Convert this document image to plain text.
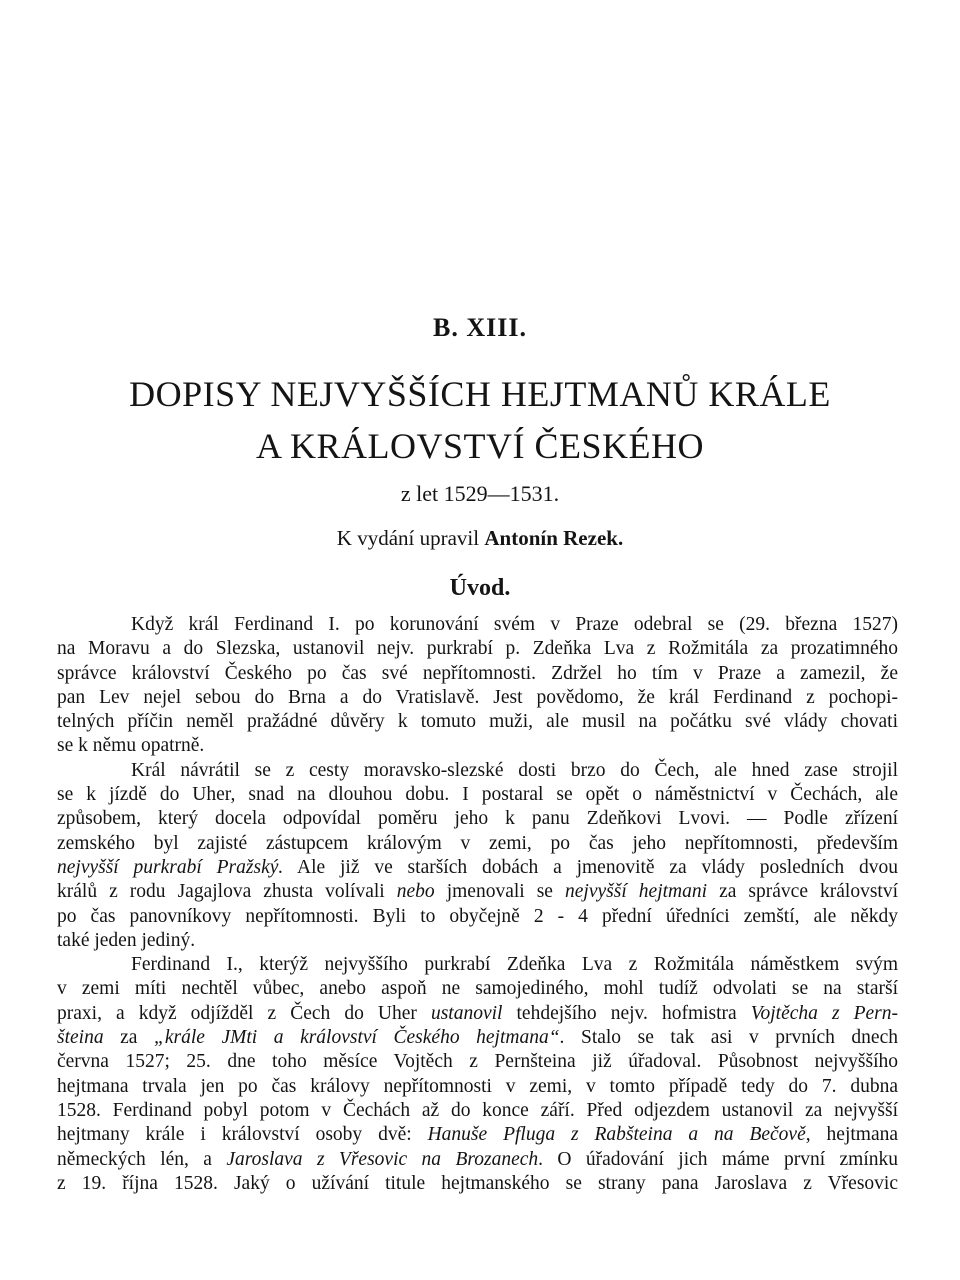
B. XIII.
DOPISY NEJVYŠŠÍCH HEJTMANŮ KRÁLE
A KRÁLOVSTVÍ ČESKÉHO
z let 1529—1531.
K vydání upravil Antonín Rezek.
Úvod.
Když král Ferdinand I. po korunování svém v Praze odebral se (29. března 1527)
na Moravu a do Slezska, ustanovil nejv. purkrabí p. Zdeňka Lva z Rožmitála za prozatimného
správce království Českého po čas své nepřítomnosti. Zdržel ho tím v Praze a zamezil, že
pan Lev nejel sebou do Brna a do Vratislavě. Jest povědomo, že král Ferdinand z pochopi-
telných příčin neměl pražádné důvěry k tomuto muži, ale musil na počátku své vlády chovati
se k němu opatrně.
Král návrátil se z cesty moravsko-slezské dosti brzo do Čech, ale hned zase strojil
se k jízdě do Uher, snad na dlouhou dobu. I postaral se opět o náměstnictví v Čechách, ale
způsobem, který docela odpovídal poměru jeho k panu Zdeňkovi Lvovi. — Podle zřízení
zemského byl zajisté zástupcem královým v zemi, po čas jeho nepřítomnosti, především
nejvyšší purkrabí Pražský. Ale již ve starších dobách a jmenovitě za vlády posledních dvou
králů z rodu Jagajlova zhusta volívali nebo jmenovali se nejvyšší hejtmani za správce království
po čas panovníkovy nepřítomnosti. Byli to obyčejně 2 - 4 přední úředníci zemští, ale někdy
také jeden jediný.
Ferdinand I., kterýž nejvyššího purkrabí Zdeňka Lva z Rožmitála náměstkem svým
v zemi míti nechtěl vůbec, anebo aspoň ne samojediného, mohl tudíž odvolati se na starší
praxi, a když odjížděl z Čech do Uher ustanovil tehdejšího nejv. hofmistra Vojtěcha z Pern-
šteina za „krále JMti a království Českého hejtmana“. Stalo se tak asi v prvních dnech
června 1527; 25. dne toho měsíce Vojtěch z Pernšteina již úřadoval. Působnost nejvyššího
hejtmana trvala jen po čas královy nepřítomnosti v zemi, v tomto případě tedy do 7. dubna
1528. Ferdinand pobyl potom v Čechách až do konce září. Před odjezdem ustanovil za nejvyšší
hejtmany krále i království osoby dvě: Hanuše Pfluga z Rabšteina a na Bečově, hejtmana
německých lén, a Jaroslava z Vřesovic na Brozanech. O úřadování jich máme první zmínku
z 19. října 1528. Jaký o užívání titule hejtmanského se strany pana Jaroslava z Vřesovic
